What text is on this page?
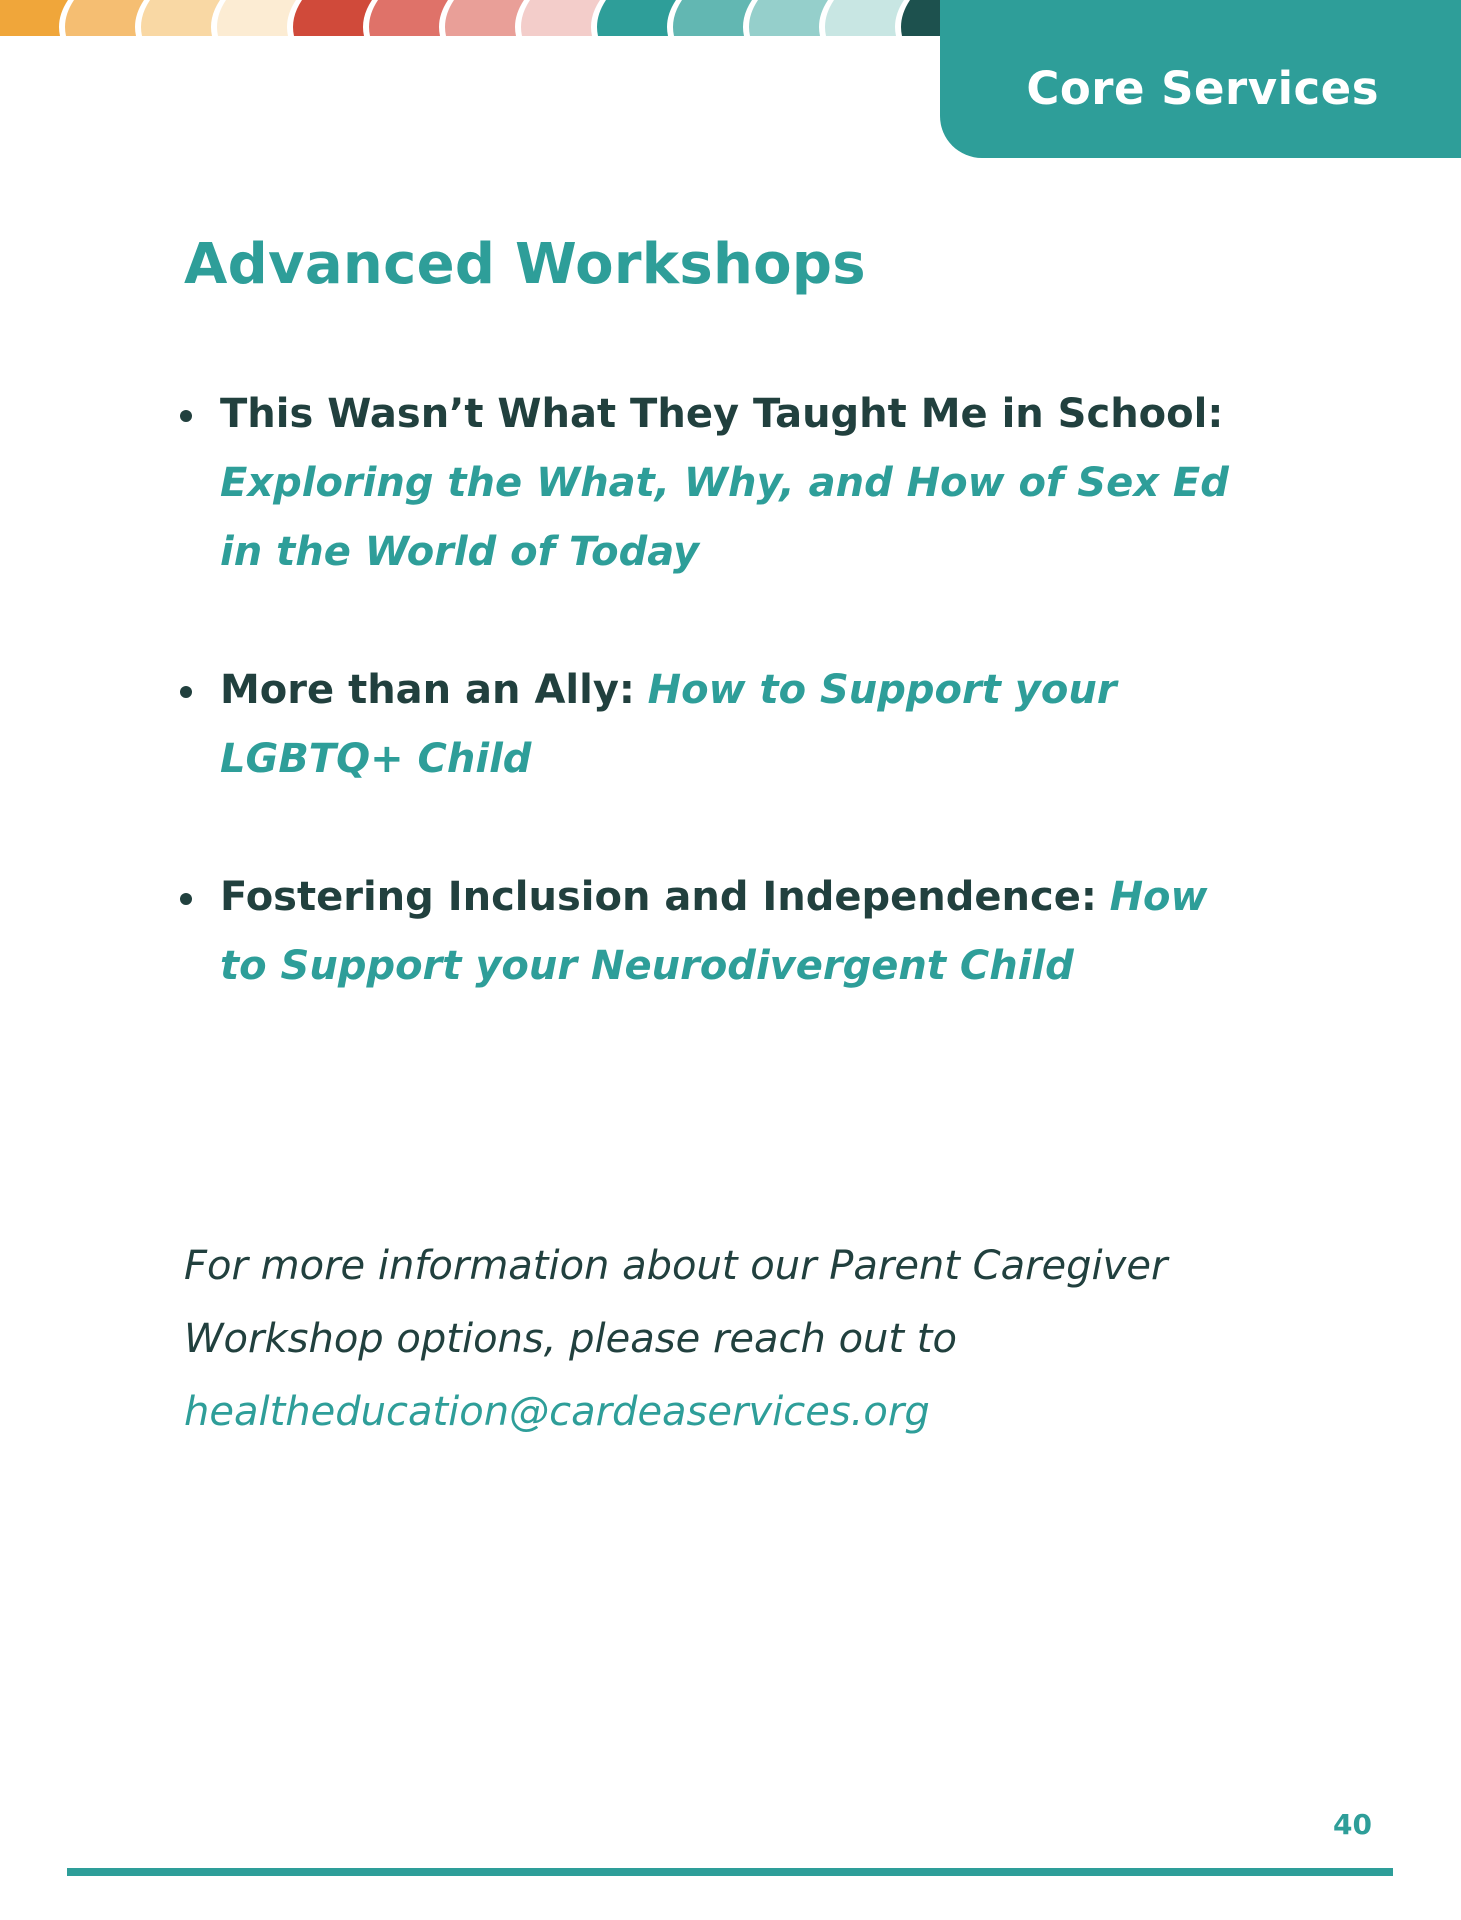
Core Services
Advanced Workshops
This Wasn’t What They Taught Me in School:
Exploring the What, Why, and How of Sex Ed in the World of Today
More than an Ally: How to Support your LGBTQ+ Child
Fostering Inclusion and Independence: How to Support your Neurodivergent Child

For more information about our Parent Caregiver Workshop options, please reach out to
healtheducation@cardeaservices.org

40
